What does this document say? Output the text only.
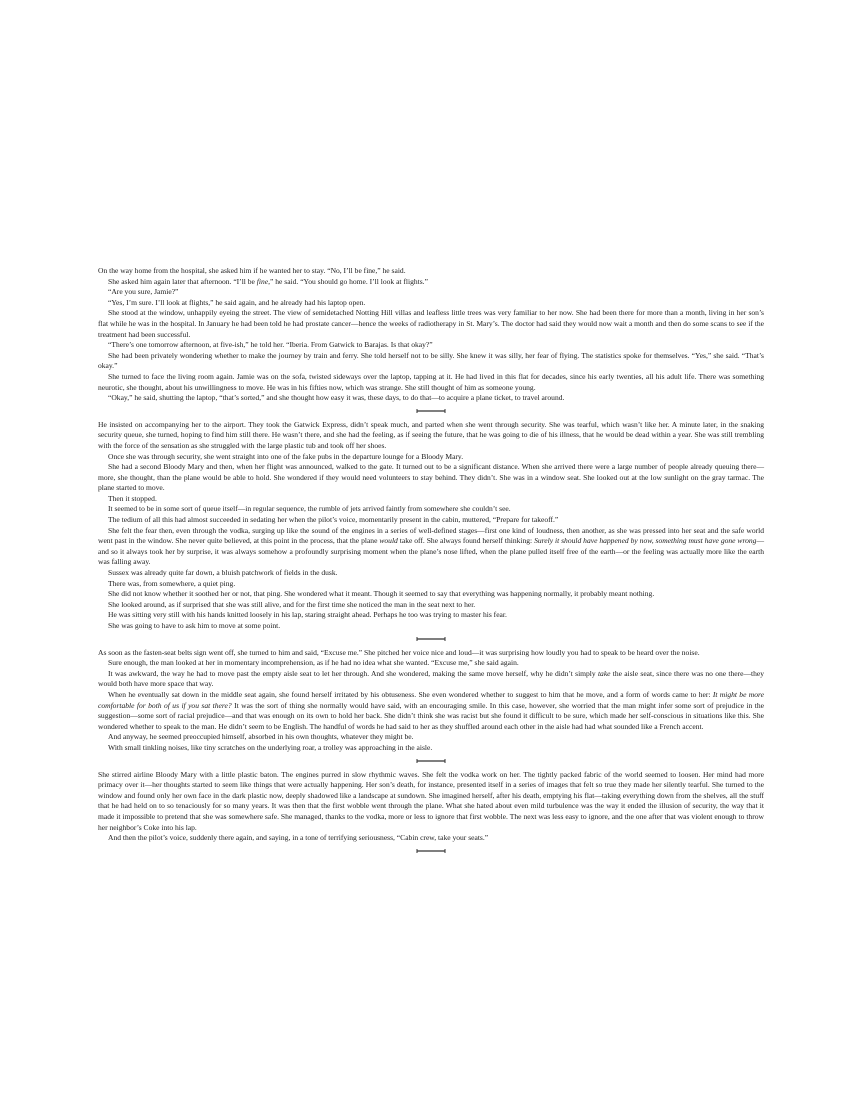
On the way home from the hospital, she asked him if he wanted her to stay. “No, I’ll be fine,” he said.

She asked him again later that afternoon. “I’ll be fine,” he said. “You should go home. I’ll look at flights.”

“Are you sure, Jamie?”

“Yes, I’m sure. I’ll look at flights,” he said again, and he already had his laptop open.

She stood at the window, unhappily eyeing the street. The view of semidetached Notting Hill villas and leafless little trees was very familiar to her now. She had been there for more than a month, living in her son’s flat while he was in the hospital. In January he had been told he had prostate cancer—hence the weeks of radiotherapy in St. Mary’s. The doctor had said they would now wait a month and then do some scans to see if the treatment had been successful.

“There’s one tomorrow afternoon, at five-ish,” he told her. “Iberia. From Gatwick to Barajas. Is that okay?”

She had been privately wondering whether to make the journey by train and ferry. She told herself not to be silly. She knew it was silly, her fear of flying. The statistics spoke for themselves. “Yes,” she said. “That’s okay.”

She turned to face the living room again. Jamie was on the sofa, twisted sideways over the laptop, tapping at it. He had lived in this flat for decades, since his early twenties, all his adult life. There was something neurotic, she thought, about his unwillingness to move. He was in his fifties now, which was strange. She still thought of him as someone young.

“Okay,” he said, shutting the laptop, “that’s sorted,” and she thought how easy it was, these days, to do that—to acquire a plane ticket, to travel around.

He insisted on accompanying her to the airport. They took the Gatwick Express, didn’t speak much, and parted when she went through security. She was tearful, which wasn’t like her. A minute later, in the snaking security queue, she turned, hoping to find him still there. He wasn’t there, and she had the feeling, as if seeing the future, that he was going to die of his illness, that he would be dead within a year. She was still trembling with the force of the sensation as she struggled with the large plastic tub and took off her shoes.

Once she was through security, she went straight into one of the fake pubs in the departure lounge for a Bloody Mary.

She had a second Bloody Mary and then, when her flight was announced, walked to the gate. It turned out to be a significant distance. When she arrived there were a large number of people already queuing there—more, she thought, than the plane would be able to hold. She wondered if they would need volunteers to stay behind. They didn’t. She was in a window seat. She looked out at the low sunlight on the gray tarmac. The plane started to move.

Then it stopped.

It seemed to be in some sort of queue itself—in regular sequence, the rumble of jets arrived faintly from somewhere she couldn’t see.

The tedium of all this had almost succeeded in sedating her when the pilot’s voice, momentarily present in the cabin, muttered, “Prepare for takeoff.”

She felt the fear then, even through the vodka, surging up like the sound of the engines in a series of well-defined stages—first one kind of loudness, then another, as she was pressed into her seat and the safe world went past in the window. She never quite believed, at this point in the process, that the plane would take off. She always found herself thinking: Surely it should have happened by now, something must have gone wrong—and so it always took her by surprise, it was always somehow a profoundly surprising moment when the plane’s nose lifted, when the plane pulled itself free of the earth—or the feeling was actually more like the earth was falling away.

Sussex was already quite far down, a bluish patchwork of fields in the dusk.

There was, from somewhere, a quiet ping.

She did not know whether it soothed her or not, that ping. She wondered what it meant. Though it seemed to say that everything was happening normally, it probably meant nothing.

She looked around, as if surprised that she was still alive, and for the first time she noticed the man in the seat next to her.

He was sitting very still with his hands knitted loosely in his lap, staring straight ahead. Perhaps he too was trying to master his fear.

She was going to have to ask him to move at some point.

As soon as the fasten-seat belts sign went off, she turned to him and said, “Excuse me.” She pitched her voice nice and loud—it was surprising how loudly you had to speak to be heard over the noise.

Sure enough, the man looked at her in momentary incomprehension, as if he had no idea what she wanted. “Excuse me,” she said again.

It was awkward, the way he had to move past the empty aisle seat to let her through. And she wondered, making the same move herself, why he didn’t simply take the aisle seat, since there was no one there—they would both have more space that way.

When he eventually sat down in the middle seat again, she found herself irritated by his obtuseness. She even wondered whether to suggest to him that he move, and a form of words came to her: It might be more comfortable for both of us if you sat there? It was the sort of thing she normally would have said, with an encouraging smile. In this case, however, she worried that the man might infer some sort of prejudice in the suggestion—some sort of racial prejudice—and that was enough on its own to hold her back. She didn’t think she was racist but she found it difficult to be sure, which made her self-conscious in situations like this. She wondered whether to speak to the man. He didn’t seem to be English. The handful of words he had said to her as they shuffled around each other in the aisle had had what sounded like a French accent.

And anyway, he seemed preoccupied himself, absorbed in his own thoughts, whatever they might be.

With small tinkling noises, like tiny scratches on the underlying roar, a trolley was approaching in the aisle.

She stirred airline Bloody Mary with a little plastic baton. The engines purred in slow rhythmic waves. She felt the vodka work on her. The tightly packed fabric of the world seemed to loosen. Her mind had more primacy over it—her thoughts started to seem like things that were actually happening. Her son’s death, for instance, presented itself in a series of images that felt so true they made her silently tearful. She turned to the window and found only her own face in the dark plastic now, deeply shadowed like a landscape at sundown. She imagined herself, after his death, emptying his flat—taking everything down from the shelves, all the stuff that he had held on to so tenaciously for so many years. It was then that the first wobble went through the plane. What she hated about even mild turbulence was the way it ended the illusion of security, the way that it made it impossible to pretend that she was somewhere safe. She managed, thanks to the vodka, more or less to ignore that first wobble. The next was less easy to ignore, and the one after that was violent enough to throw her neighbor’s Coke into his lap.

And then the pilot’s voice, suddenly there again, and saying, in a tone of terrifying seriousness, “Cabin crew, take your seats.”
